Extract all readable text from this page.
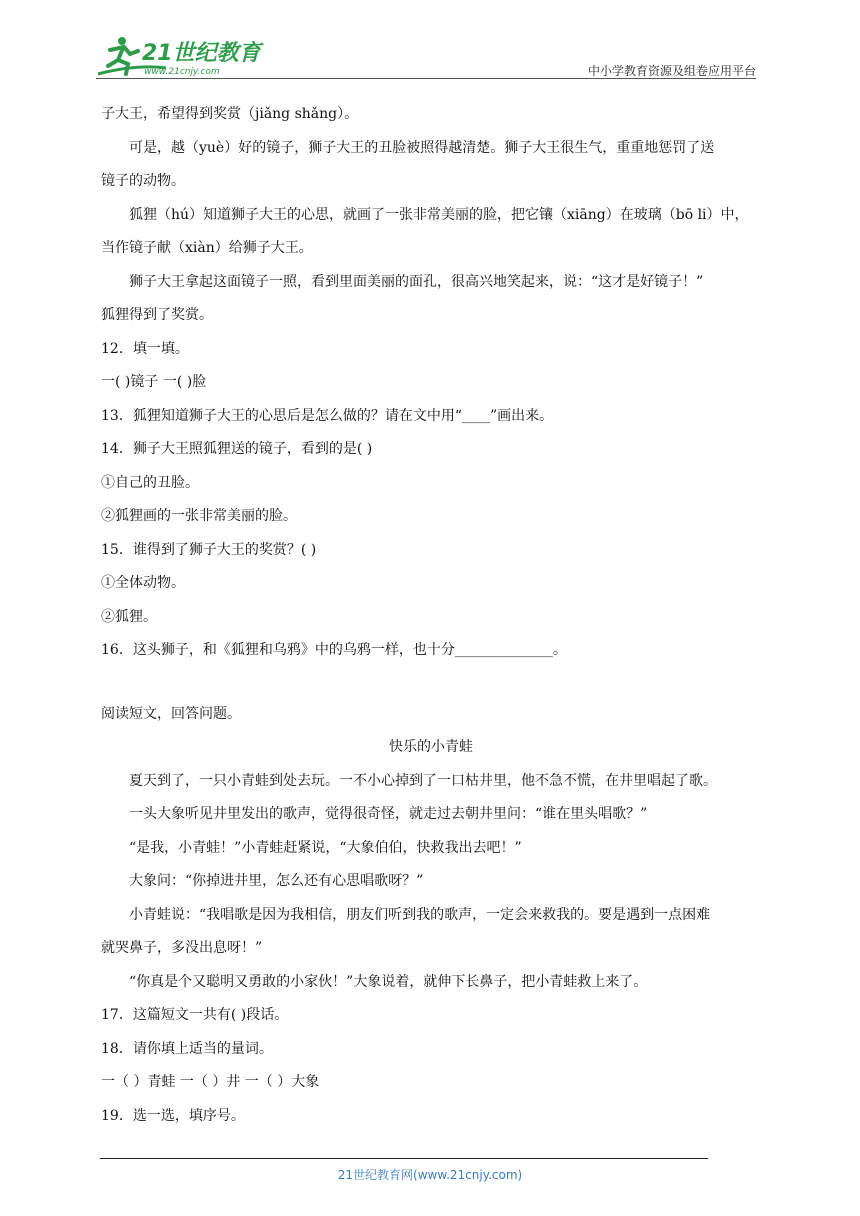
21世纪教育
www.21cnjy.com	中小学教育资源及组卷应用平台

子大王，希望得到奖赏（jiǎng shǎng）。

可是，越（yuè）好的镜子，狮子大王的丑脸被照得越清楚。狮子大王很生气，重重地惩罚了送

镜子的动物。

狐狸（hú）知道狮子大王的心思，就画了一张非常美丽的脸，把它镶（xiāng）在玻璃（bō li）中，

当作镜子献（xiàn）给狮子大王。

狮子大王拿起这面镜子一照，看到里面美丽的面孔，很高兴地笑起来，说：“这才是好镜子！”

狐狸得到了奖赏。

12．填一填。

一( )镜子 一( )脸

13．狐狸知道狮子大王的心思后是怎么做的？请在文中用“____”画出来。

14．狮子大王照狐狸送的镜子，看到的是( )

①自己的丑脸。

②狐狸画的一张非常美丽的脸。

15．谁得到了狮子大王的奖赏？( )

①全体动物。

②狐狸。

16．这头狮子，和《狐狸和乌鸦》中的乌鸦一样，也十分______________。

阅读短文，回答问题。

快乐的小青蛙

夏天到了，一只小青蛙到处去玩。一不小心掉到了一口枯井里，他不急不慌，在井里唱起了歌。

一头大象听见井里发出的歌声，觉得很奇怪，就走过去朝井里问：“谁在里头唱歌？”

“是我，小青蛙！”小青蛙赶紧说，“大象伯伯，快救我出去吧！”

大象问：“你掉进井里，怎么还有心思唱歌呀？”

小青蛙说：“我唱歌是因为我相信，朋友们听到我的歌声，一定会来救我的。要是遇到一点困难

就哭鼻子，多没出息呀！”

“你真是个又聪明又勇敢的小家伙！”大象说着，就伸下长鼻子，把小青蛙救上来了。

17．这篇短文一共有( )段话。

18．请你填上适当的量词。

一（ ）青蛙 一（ ）井 一（ ）大象

19．选一选，填序号。

21世纪教育网(www.21cnjy.com)
